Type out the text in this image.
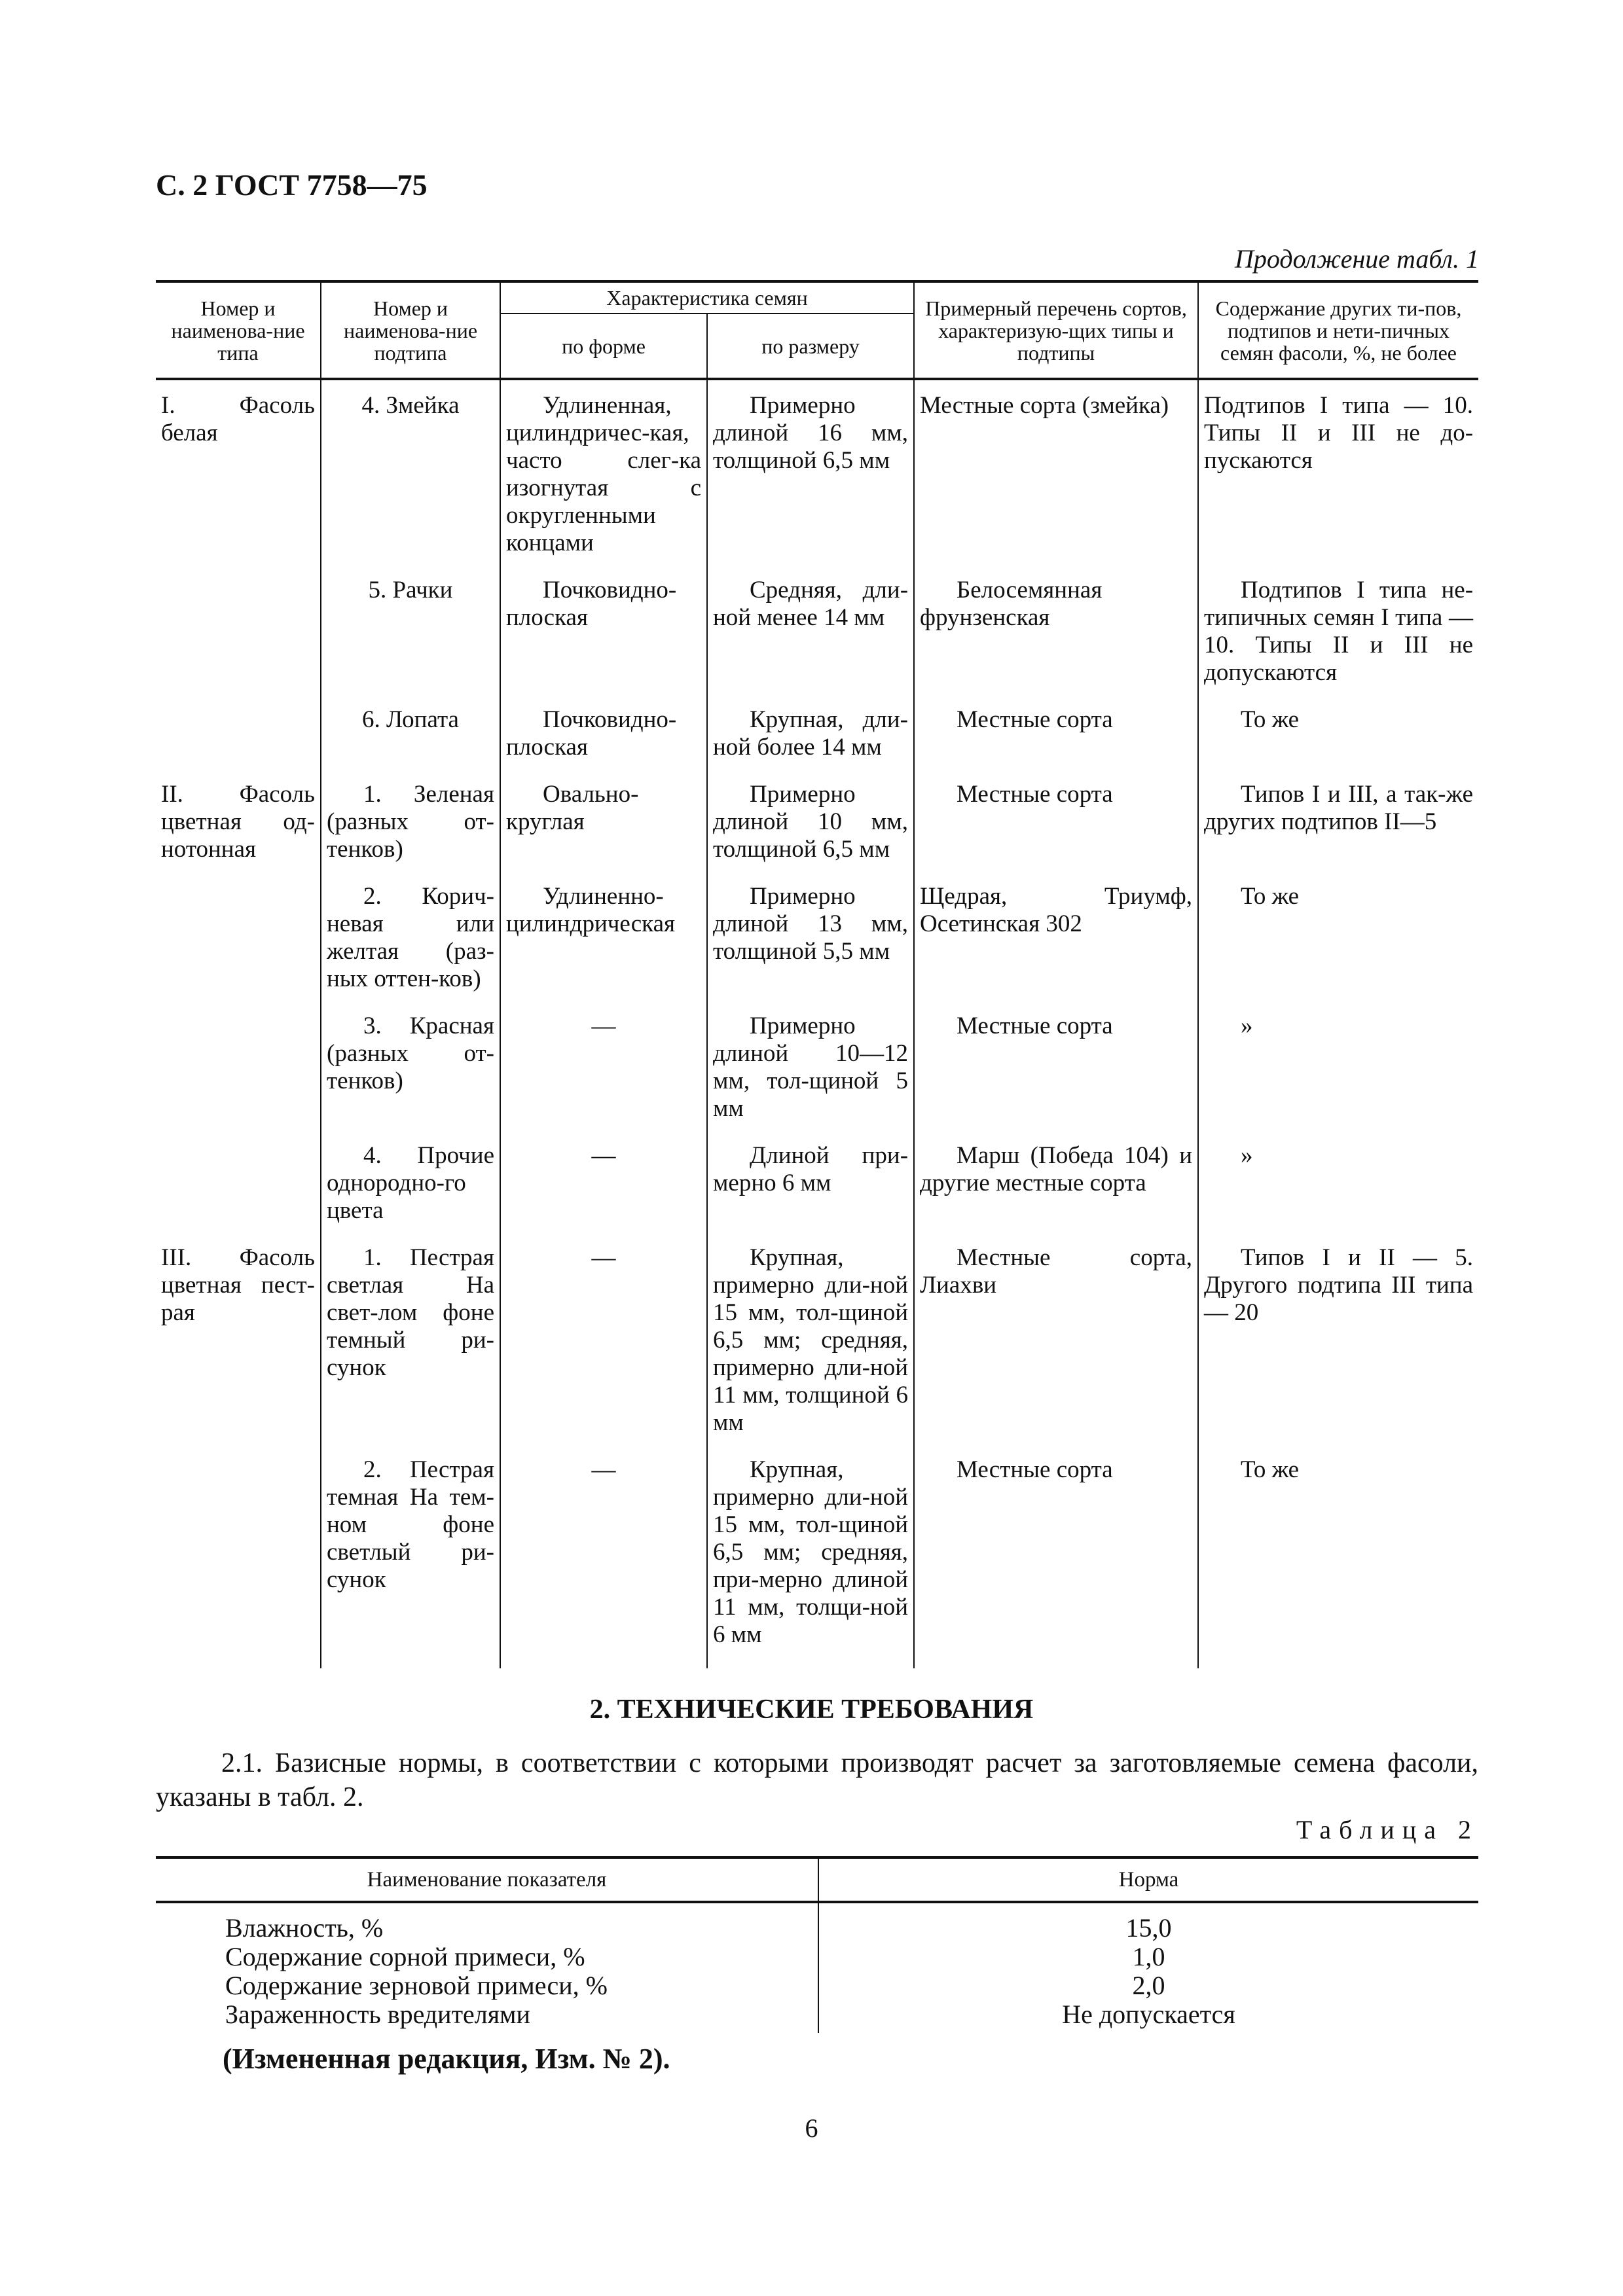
С. 2 ГОСТ 7758—75
Продолжение табл. 1
Номер и наименова-ние типа	Номер и наименова-ние подтипа	Характеристика семян		Примерный перечень сортов, характеризую-щих типы и подтипы	Содержание других ти-пов, подтипов и нети-пичных семян фасоли, %, не более
		по форме	по размеру		
I. Фасоль белая	4. Змейка	Удлиненная, цилиндричес-кая, часто слег-ка изогнутая с округленными концами	Примерно длиной 16 мм, толщиной 6,5 мм	Местные сорта (змейка)	Подтипов I типа — 10. Типы II и III не до-пускаются
	5. Рачки	Почковидно-плоская	Средняя, дли-ной менее 14 мм	Белосемянная фрунзенская	Подтипов I типа не-типичных семян I типа — 10. Типы II и III не допускаются
	6. Лопата	Почковидно-плоская	Крупная, дли-ной более 14 мм	Местные сорта	То же
II. Фасоль цветная од-нотонная	1. Зеленая (разных от-тенков)	Овально-круглая	Примерно длиной 10 мм, толщиной 6,5 мм	Местные сорта	Типов I и III, а так-же других подтипов II—5
	2. Корич-невая или желтая (раз-ных оттен-ков)	Удлиненно-цилиндрическая	Примерно длиной 13 мм, толщиной 5,5 мм	Щедрая, Триумф, Осетинская 302	То же
	3. Красная (разных от-тенков)	—	Примерно длиной 10—12 мм, тол-щиной 5 мм	Местные сорта	»
	4. Прочие однородно-го цвета	—	Длиной при-мерно 6 мм	Марш (Победа 104) и другие местные сорта	»
III. Фасоль цветная пест-рая	1. Пестрая светлая На свет-лом фоне темный ри-сунок	—	Крупная, примерно дли-ной 15 мм, тол-щиной 6,5 мм; средняя, примерно дли-ной 11 мм, толщиной 6 мм	Местные сорта, Лиахви	Типов I и II — 5. Другого подтипа III типа — 20
	2. Пестрая темная На тем-ном фоне светлый ри-сунок	—	Крупная, примерно дли-ной 15 мм, тол-щиной 6,5 мм; средняя, при-мерно длиной 11 мм, толщи-ной 6 мм	Местные сорта	То же
2. ТЕХНИЧЕСКИЕ ТРЕБОВАНИЯ
2.1. Базисные нормы, в соответствии с которыми производят расчет за заготовляемые семена фасоли, указаны в табл. 2.
Таблица 2
Наименование показателя	Норма
Влажность, %	15,0
Содержание сорной примеси, %	1,0
Содержание зерновой примеси, %	2,0
Зараженность вредителями	Не допускается
(Измененная редакция, Изм. № 2).
6
